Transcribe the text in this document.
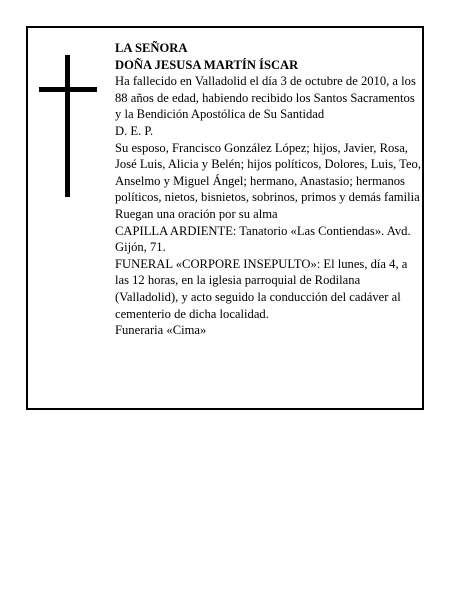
LA SEÑORA

DOÑA JESUSA MARTÍN ÍSCAR

Ha fallecido en Valladolid el día 3 de octubre de 2010, a los 88 años de edad, habiendo recibido los Santos Sacramentos y la Bendición Apostólica de Su Santidad

D. E. P.

Su esposo, Francisco González López; hijos, Javier, Rosa, José Luis, Alicia y Belén; hijos políticos, Dolores, Luis, Teo, Anselmo y Miguel Ángel; hermano, Anastasio; hermanos políticos, nietos, bisnietos, sobrinos, primos y demás familia

Ruegan una oración por su alma

CAPILLA ARDIENTE: Tanatorio «Las Contiendas». Avd. Gijón, 71.

FUNERAL «CORPORE INSEPULTO»: El lunes, día 4, a las 12 horas, en la iglesia parroquial de Rodilana (Valladolid), y acto seguido la conducción del cadáver al cementerio de dicha localidad.

Funeraria «Cima»
